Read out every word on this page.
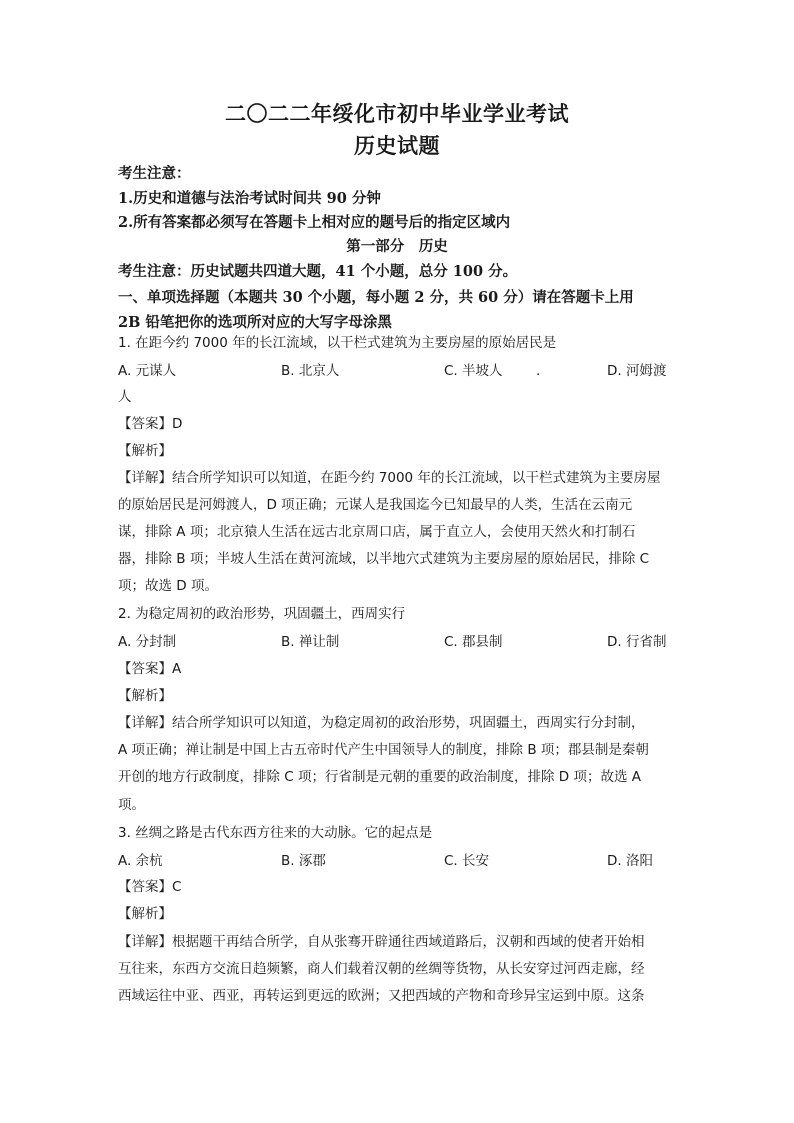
二〇二二年绥化市初中毕业学业考试
历史试题
考生注意：
1.历史和道德与法治考试时间共 90 分钟
2.所有答案都必须写在答题卡上相对应的题号后的指定区域内
第一部分　历史
考生注意：历史试题共四道大题，41 个小题，总分 100 分。
一、单项选择题（本题共 30 个小题，每小题 2 分，共 60 分）请在答题卡上用
2B 铅笔把你的选项所对应的大写字母涂黑
1. 在距今约 7000 年的长江流域，以干栏式建筑为主要房屋的原始居民是
A. 元谋人	B. 北京人	C. 半坡人 .	D. 河姆渡
人
【答案】D
【解析】
【详解】结合所学知识可以知道，在距今约 7000 年的长江流域，以干栏式建筑为主要房屋
的原始居民是河姆渡人，D 项正确；元谋人是我国迄今已知最早的人类，生活在云南元
谋，排除 A 项；北京猿人生活在远古北京周口店，属于直立人，会使用天然火和打制石
器，排除 B 项；半坡人生活在黄河流域，以半地穴式建筑为主要房屋的原始居民，排除 C
项；故选 D 项。
2. 为稳定周初的政治形势，巩固疆土，西周实行
A. 分封制	B. 禅让制	C. 郡县制	D. 行省制
【答案】A
【解析】
【详解】结合所学知识可以知道，为稳定周初的政治形势，巩固疆土，西周实行分封制，
A 项正确；禅让制是中国上古五帝时代产生中国领导人的制度，排除 B 项；郡县制是秦朝
开创的地方行政制度，排除 C 项；行省制是元朝的重要的政治制度，排除 D 项；故选 A
项。
3. 丝绸之路是古代东西方往来的大动脉。它的起点是
A. 余杭	B. 涿郡	C. 长安	D. 洛阳
【答案】C
【解析】
【详解】根据题干再结合所学，自从张骞开辟通往西域道路后，汉朝和西域的使者开始相
互往来，东西方交流日趋频繁，商人们载着汉朝的丝绸等货物，从长安穿过河西走廊，经
西域运往中亚、西亚，再转运到更远的欧洲；又把西域的产物和奇珍异宝运到中原。这条
